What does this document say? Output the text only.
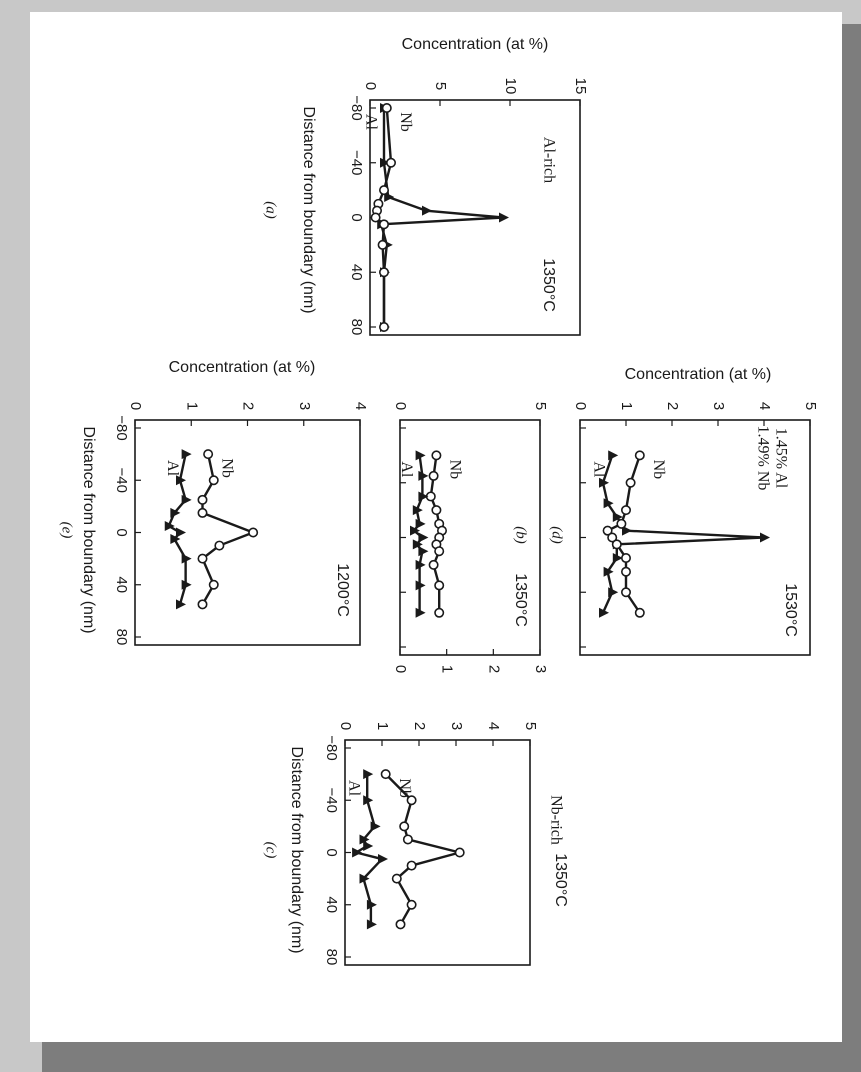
0	5	10	15
−80
−40
0
40
80
Concentration (at %)
Distance from boundary (nm)
(a)
1350°C
Al-rich
Al Nb
0 1 2 3 4 5
Concentration (at %)
(d)
1530°C
1.45% Al
1.49% Nb
Al	Nb
0	5
0 1 2 3
(b)
1350°C
Nb
Al
0	1	2	3	4
−80
−40
0
40
80
Concentration (at %)
Distance from boundary (nm)
(e)
1200°C
Nb
Al
0 1 2 3 4 5
−80
−40
0
40
80
Distance from boundary (nm)
(c)
1350°C
Nb-rich
Nb
Al
